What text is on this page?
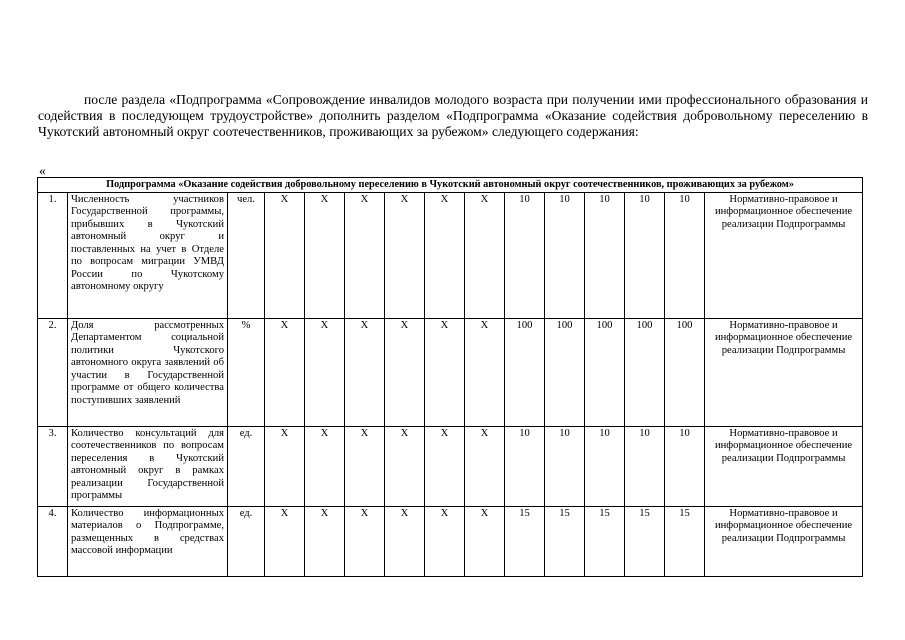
после раздела «Подпрограмма «Сопровождение инвалидов молодого возраста при получении ими профессионального образования и содействия в последующем трудоустройстве» дополнить разделом «Подпрограмма «Оказание содействия добровольному переселению в Чукотский автономный округ соотечественников, проживающих за рубежом» следующего содержания:

«
Подпрограмма «Оказание содействия добровольному переселению в Чукотский автономный округ соотечественников, проживающих за рубежом»														
1.	Численность участников Государственной программы, прибывших в Чукотский автономный округ и поставленных на учет в Отделе по вопросам миграции УМВД России по Чукотскому автономному округу	чел.	Х	Х	Х	Х	Х	Х	10	10	10	10	10	Нормативно-правовое и информационное обеспечение реализации Подпрограммы
2.	Доля рассмотренных Департаментом социальной политики Чукотского автономного округа заявлений об участии в Государственной программе от общего количества поступивших заявлений	%	Х	Х	Х	Х	Х	Х	100	100	100	100	100	Нормативно-правовое и информационное обеспечение реализации Подпрограммы
3.	Количество консультаций для соотечественников по вопросам переселения в Чукотский автономный округ в рамках реализации Государственной программы	ед.	Х	Х	Х	Х	Х	Х	10	10	10	10	10	Нормативно-правовое и информационное обеспечение реализации Подпрограммы
4.	Количество информационных материалов о Подпрограмме, размещенных в средствах массовой информации	ед.	Х	Х	Х	Х	Х	Х	15	15	15	15	15	Нормативно-правовое и информационное обеспечение реализации Подпрограммы
